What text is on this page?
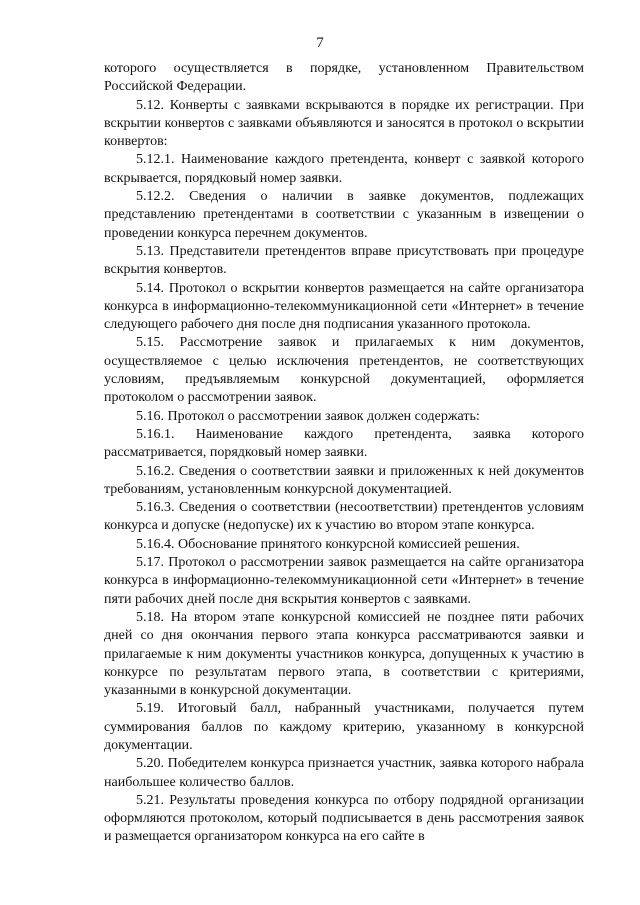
7

которого осуществляется в порядке, установленном Правительством Российской Федерации.

5.12. Конверты с заявками вскрываются в порядке их регистрации. При вскрытии конвертов с заявками объявляются и заносятся в протокол о вскрытии конвертов:

5.12.1. Наименование каждого претендента, конверт с заявкой которого вскрывается, порядковый номер заявки.

5.12.2. Сведения о наличии в заявке документов, подлежащих представлению претендентами в соответствии с указанным в извещении о проведении конкурса перечнем документов.

5.13. Представители претендентов вправе присутствовать при процедуре вскрытия конвертов.

5.14. Протокол о вскрытии конвертов размещается на сайте организатора конкурса в информационно-телекоммуникационной сети «Интернет» в течение следующего рабочего дня после дня подписания указанного протокола.

5.15. Рассмотрение заявок и прилагаемых к ним документов, осуществляемое с целью исключения претендентов, не соответствующих условиям, предъявляемым конкурсной документацией, оформляется протоколом о рассмотрении заявок.

5.16. Протокол о рассмотрении заявок должен содержать:

5.16.1. Наименование каждого претендента, заявка которого рассматривается, порядковый номер заявки.

5.16.2. Сведения о соответствии заявки и приложенных к ней документов требованиям, установленным конкурсной документацией.

5.16.3. Сведения о соответствии (несоответствии) претендентов условиям конкурса и допуске (недопуске) их к участию во втором этапе конкурса.

5.16.4. Обоснование принятого конкурсной комиссией решения.

5.17. Протокол о рассмотрении заявок размещается на сайте организатора конкурса в информационно-телекоммуникационной сети «Интернет» в течение пяти рабочих дней после дня вскрытия конвертов с заявками.

5.18. На втором этапе конкурсной комиссией не позднее пяти рабочих дней со дня окончания первого этапа конкурса рассматриваются заявки и прилагаемые к ним документы участников конкурса, допущенных к участию в конкурсе по результатам первого этапа, в соответствии с критериями, указанными в конкурсной документации.

5.19. Итоговый балл, набранный участниками, получается путем суммирования баллов по каждому критерию, указанному в конкурсной документации.

5.20. Победителем конкурса признается участник, заявка которого набрала наибольшее количество баллов.

5.21. Результаты проведения конкурса по отбору подрядной организации оформляются протоколом, который подписывается в день рассмотрения заявок и размещается организатором конкурса на его сайте в
